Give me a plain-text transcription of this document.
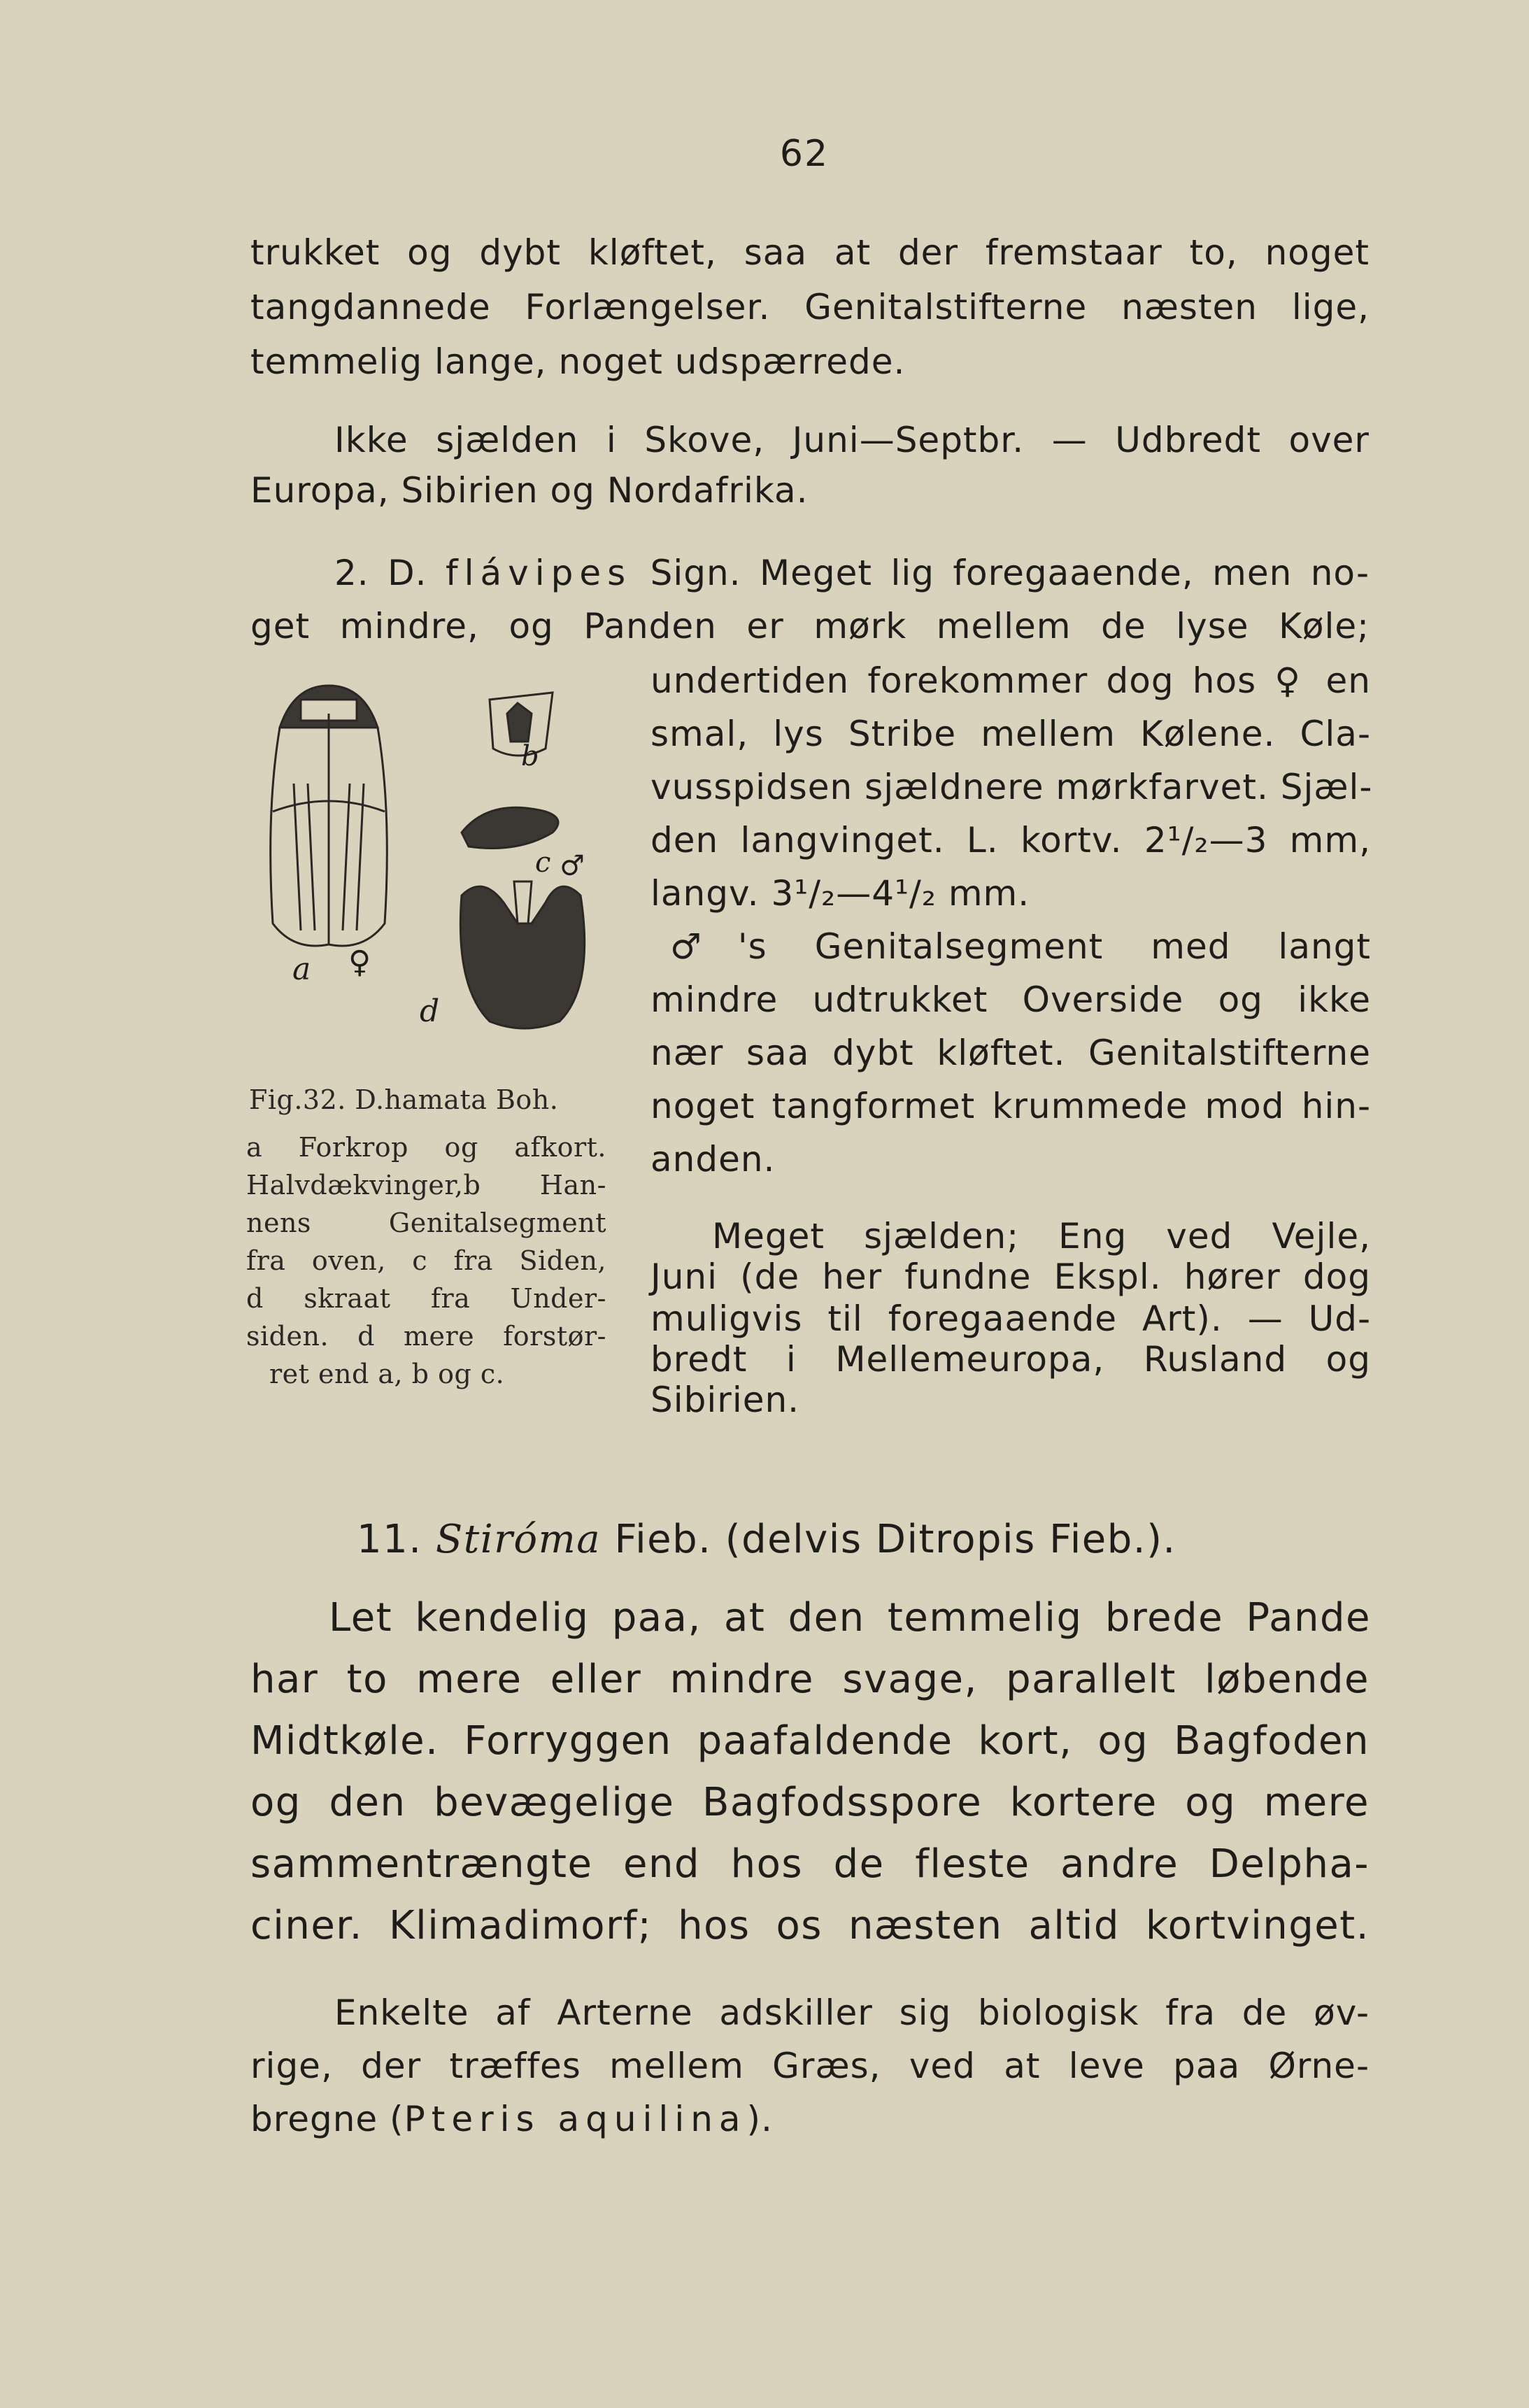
62

trukket og dybt kløftet, saa at der fremstaar to, noget

tangdannede Forlængelser. Genitalstifterne næsten lige,

temmelig lange, noget udspærrede.

Ikke sjælden i Skove, Juni—Septbr. — Udbredt over

Europa, Sibirien og Nordafrika.

2. D. flávipes Sign. Meget lig foregaaende, men no-

get mindre, og Panden er mørk mellem de lyse Køle;

undertiden forekommer dog hos ♀ en

smal, lys Stribe mellem Kølene. Cla-

vusspidsen sjældnere mørkfarvet. Sjæl-

den langvinget. L. kortv. 2¹/₂—3 mm,

langv. 3¹/₂—4¹/₂ mm.

♂'s Genitalsegment med langt

mindre udtrukket Overside og ikke

nær saa dybt kløftet. Genitalstifterne

noget tangformet krummede mod hin-

anden.

Meget sjælden; Eng ved Vejle,

Juni (de her fundne Ekspl. hører dog

muligvis til foregaaende Art). — Ud-

bredt i Mellemeuropa, Rusland og

Sibirien.

a ♀
b
c ♂
d

Fig.32. D.hamata Boh.

a Forkrop og afkort.

Halvdækvinger,b Han-

nens Genitalsegment

fra oven, c fra Siden,

d skraat fra Under-

siden. d mere forstør-

ret end a, b og c.

11. Stiróma Fieb. (delvis Ditropis Fieb.).

Let kendelig paa, at den temmelig brede Pande

har to mere eller mindre svage, parallelt løbende

Midtkøle. Forryggen paafaldende kort, og Bagfoden

og den bevægelige Bagfodsspore kortere og mere

sammentrængte end hos de fleste andre Delpha-

ciner. Klimadimorf; hos os næsten altid kortvinget.

Enkelte af Arterne adskiller sig biologisk fra de øv-

rige, der træffes mellem Græs, ved at leve paa Ørne-

bregne (Pteris aquilina).
